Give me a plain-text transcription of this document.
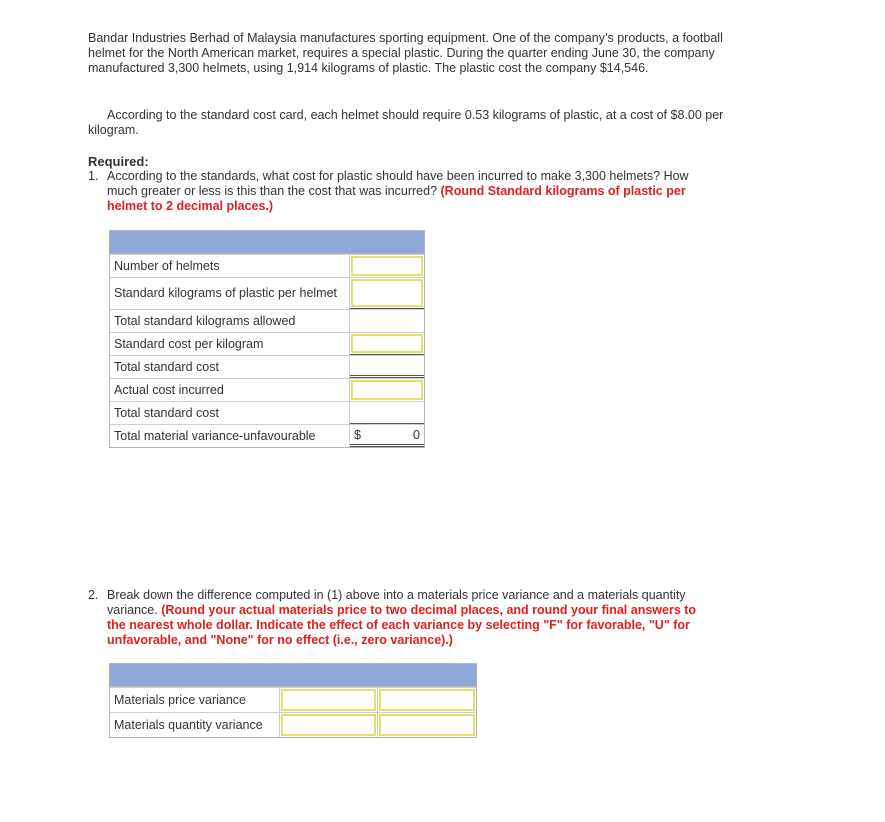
Bandar Industries Berhad of Malaysia manufactures sporting equipment. One of the company’s products, a football helmet for the North American market, requires a special plastic. During the quarter ending June 30, the company manufactured 3,300 helmets, using 1,914 kilograms of plastic. The plastic cost the company $14,546.

According to the standard cost card, each helmet should require 0.53 kilograms of plastic, at a cost of $8.00 per kilogram.

Required:
1. According to the standards, what cost for plastic should have been incurred to make 3,300 helmets? How much greater or less is this than the cost that was incurred? (Round Standard kilograms of plastic per helmet to 2 decimal places.)
Number of helmets
Standard kilograms of plastic per helmet
Total standard kilograms allowed
Standard cost per kilogram
Total standard cost
Actual cost incurred
Total standard cost
Total material variance-unfavourable	$	0
2. Break down the difference computed in (1) above into a materials price variance and a materials quantity variance. (Round your actual materials price to two decimal places, and round your final answers to the nearest whole dollar. Indicate the effect of each variance by selecting "F" for favorable, "U" for unfavorable, and "None" for no effect (i.e., zero variance).)
Materials price variance
Materials quantity variance
